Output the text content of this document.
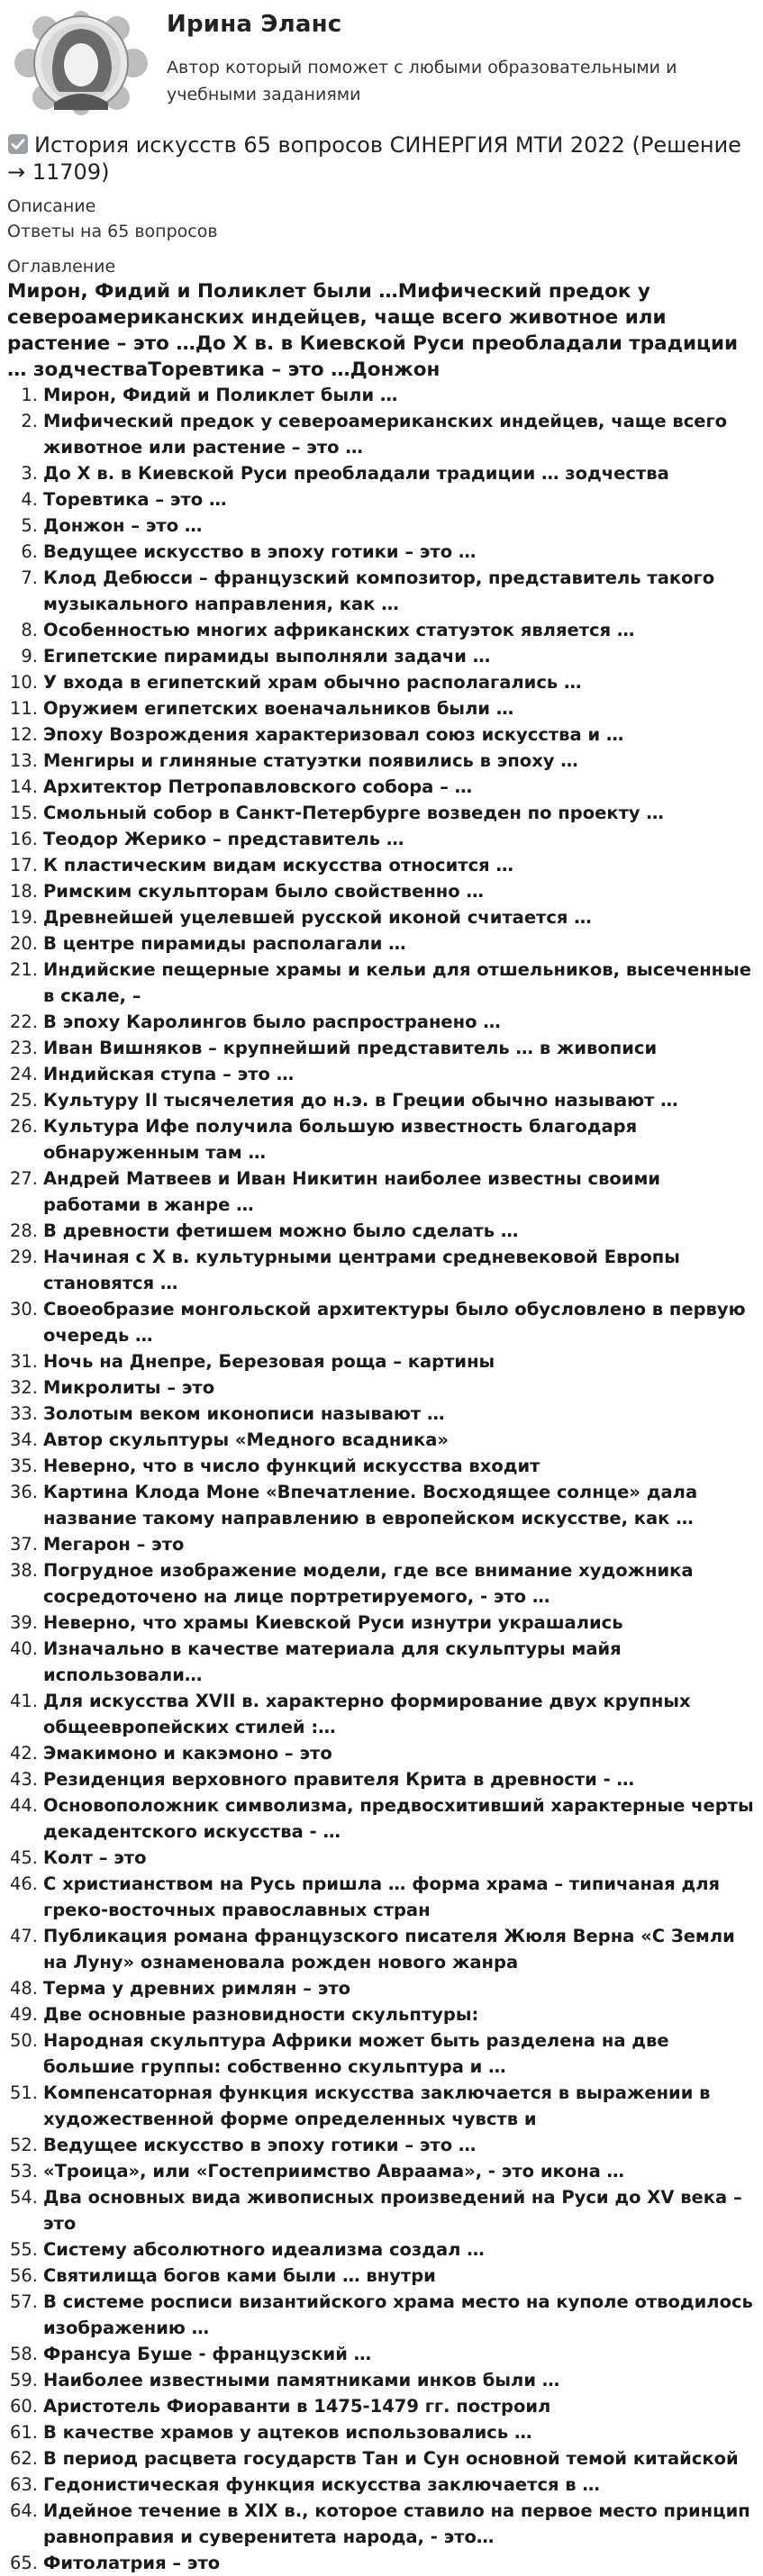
Ирина Эланс
Автор который поможет с любыми образовательными и учебными заданиями
История искусств 65 вопросов СИНЕРГИЯ МТИ 2022 (Решение → 11709)
Описание
Ответы на 65 вопросов
Оглавление
Мирон, Фидий и Поликлет были …Мифический предок у североамериканских индейцев, чаще всего животное или растение – это …До X в. в Киевской Руси преобладали традиции … зодчестваТоревтика – это …Донжон
1. Мирон, Фидий и Поликлет были …
2. Мифический предок у североамериканских индейцев, чаще всего животное или растение – это …
3. До X в. в Киевской Руси преобладали традиции … зодчества
4. Торевтика – это …
5. Донжон – это …
6. Ведущее искусство в эпоху готики – это …
7. Клод Дебюсси – французский композитор, представитель такого музыкального направления, как …
8. Особенностью многих африканских статуэток является …
9. Египетские пирамиды выполняли задачи …
10. У входа в египетский храм обычно располагались …
11. Оружием египетских военачальников были …
12. Эпоху Возрождения характеризовал союз искусства и …
13. Менгиры и глиняные статуэтки появились в эпоху …
14. Архитектор Петропавловского собора – …
15. Смольный собор в Санкт-Петербурге возведен по проекту …
16. Теодор Жерико – представитель …
17. К пластическим видам искусства относится …
18. Римским скульпторам было свойственно …
19. Древнейшей уцелевшей русской иконой считается …
20. В центре пирамиды располагали …
21. Индийские пещерные храмы и кельи для отшельников, высеченные в скале, –
22. В эпоху Каролингов было распространено …
23. Иван Вишняков – крупнейший представитель … в живописи
24. Индийская ступа – это …
25. Культуру II тысячелетия до н.э. в Греции обычно называют …
26. Культура Ифе получила большую известность благодаря обнаруженным там …
27. Андрей Матвеев и Иван Никитин наиболее известны своими работами в жанре …
28. В древности фетишем можно было сделать …
29. Начиная с X в. культурными центрами средневековой Европы становятся …
30. Своеобразие монгольской архитектуры было обусловлено в первую очередь …
31. Ночь на Днепре, Березовая роща – картины
32. Микролиты – это
33. Золотым веком иконописи называют …
34. Автор скульптуры «Медного всадника»
35. Неверно, что в число функций искусства входит
36. Картина Клода Моне «Впечатление. Восходящее солнце» дала название такому направлению в европейском искусстве, как …
37. Мегарон – это
38. Погрудное изображение модели, где все внимание художника сосредоточено на лице портретируемого, - это …
39. Неверно, что храмы Киевской Руси изнутри украшались
40. Изначально в качестве материала для скульптуры майя использовали…
41. Для искусства XVII в. характерно формирование двух крупных общеевропейских стилей :…
42. Эмакимоно и какэмоно – это
43. Резиденция верховного правителя Крита в древности - …
44. Основоположник символизма, предвосхитивший характерные черты декадентского искусства - …
45. Колт – это
46. С христианством на Русь пришла … форма храма – типичаная для греко-восточных православных стран
47. Публикация романа французского писателя Жюля Верна «С Земли на Луну» ознаменовала рожден нового жанра
48. Терма у древних римлян – это
49. Две основные разновидности скульптуры:
50. Народная скульптура Африки может быть разделена на две большие группы: собственно скульптура и …
51. Компенсаторная функция искусства заключается в выражении в художественной форме определенных чувств и
52. Ведущее искусство в эпоху готики – это …
53. «Троица», или «Гостеприимство Авраама», - это икона …
54. Два основных вида живописных произведений на Руси до XV века – это
55. Систему абсолютного идеализма создал …
56. Святилища богов ками были … внутри
57. В системе росписи византийского храма место на куполе отводилось изображению …
58. Франсуа Буше - французский …
59. Наиболее известными памятниками инков были …
60. Аристотель Фиораванти в 1475-1479 гг. построил
61. В качестве храмов у ацтеков использовались …
62. В период расцвета государств Тан и Сун основной темой китайской
63. Гедонистическая функция искусства заключается в …
64. Идейное течение в XIX в., которое ставило на первое место принцип равноправия и суверенитета народа, - это…
65. Фитолатрия – это
